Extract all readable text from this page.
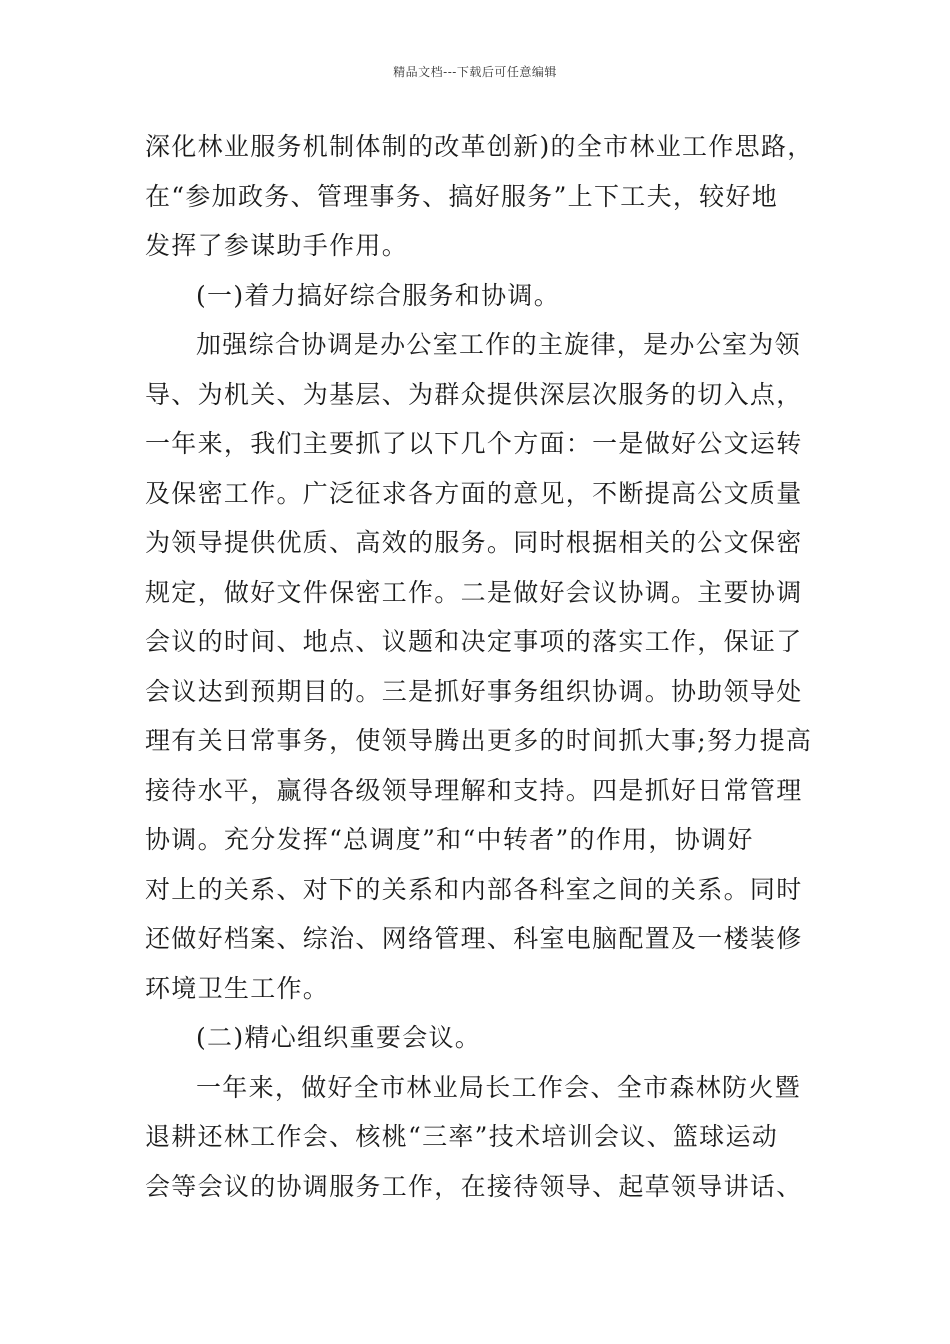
精品文档---下载后可任意编辑
深化林业服务机制体制的改革创新)的全市林业工作思路，
在“参加政务、管理事务、搞好服务”上下工夫，较好地
发挥了参谋助手作用。
(一)着力搞好综合服务和协调。
加强综合协调是办公室工作的主旋律，是办公室为领
导、为机关、为基层、为群众提供深层次服务的切入点，
一年来，我们主要抓了以下几个方面：一是做好公文运转
及保密工作。广泛征求各方面的意见，不断提高公文质量
为领导提供优质、高效的服务。同时根据相关的公文保密
规定，做好文件保密工作。二是做好会议协调。主要协调
会议的时间、地点、议题和决定事项的落实工作，保证了
会议达到预期目的。三是抓好事务组织协调。协助领导处
理有关日常事务，使领导腾出更多的时间抓大事;努力提高
接待水平，赢得各级领导理解和支持。四是抓好日常管理
协调。充分发挥“总调度”和“中转者”的作用，协调好
对上的关系、对下的关系和内部各科室之间的关系。同时
还做好档案、综治、网络管理、科室电脑配置及一楼装修
环境卫生工作。
(二)精心组织重要会议。
一年来，做好全市林业局长工作会、全市森林防火暨
退耕还林工作会、核桃“三率”技术培训会议、篮球运动
会等会议的协调服务工作，在接待领导、起草领导讲话、
